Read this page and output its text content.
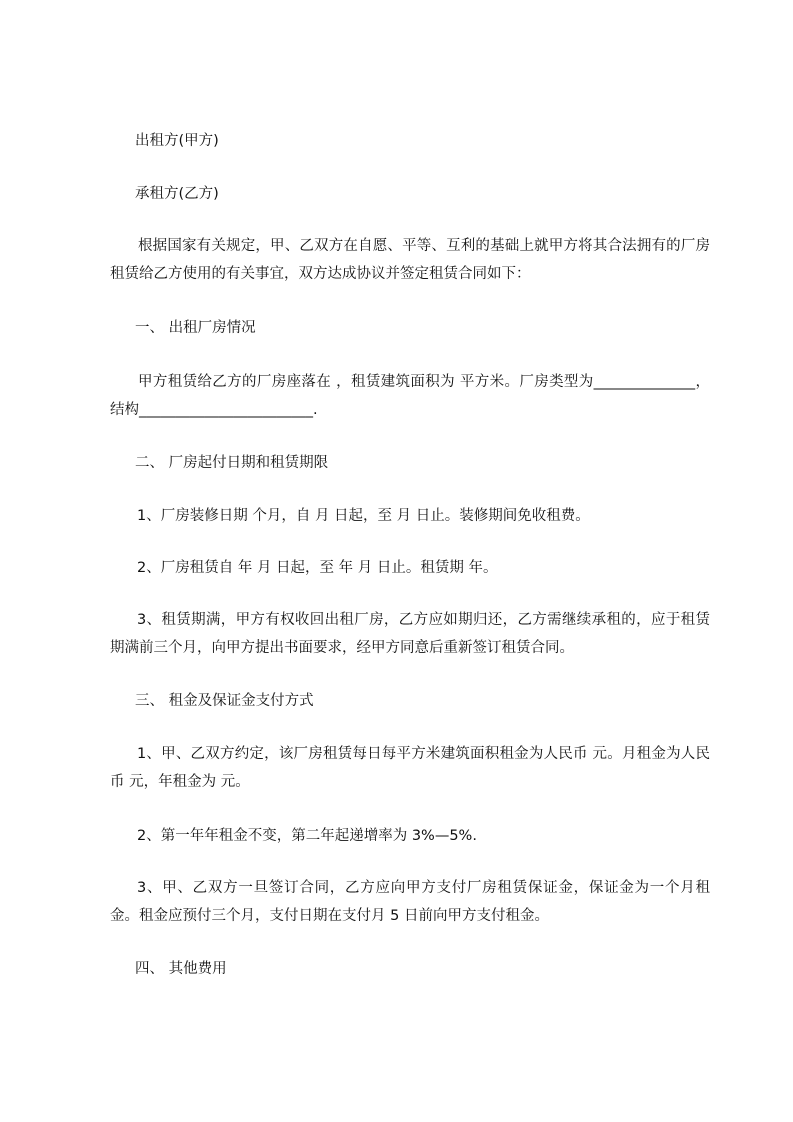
出租方(甲方)

承租方(乙方)

根据国家有关规定，甲、乙双方在自愿、平等、互利的基础上就甲方将其合法拥有的厂房租赁给乙方使用的有关事宜，双方达成协议并签定租赁合同如下：

一、 出租厂房情况

甲方租赁给乙方的厂房座落在 ，租赁建筑面积为 平方米。厂房类型为______________， 结构________________________.

二、 厂房起付日期和租赁期限

1、厂房装修日期 个月，自 月 日起，至 月 日止。装修期间免收租费。

2、厂房租赁自 年 月 日起，至 年 月 日止。租赁期 年。

3、租赁期满，甲方有权收回出租厂房，乙方应如期归还，乙方需继续承租的，应于租赁期满前三个月，向甲方提出书面要求，经甲方同意后重新签订租赁合同。

三、 租金及保证金支付方式

1、甲、乙双方约定，该厂房租赁每日每平方米建筑面积租金为人民币 元。月租金为人民币 元，年租金为 元。

2、第一年年租金不变，第二年起递增率为 3%—5%.

3、甲、乙双方一旦签订合同，乙方应向甲方支付厂房租赁保证金，保证金为一个月租金。租金应预付三个月，支付日期在支付月 5 日前向甲方支付租金。

四、 其他费用
